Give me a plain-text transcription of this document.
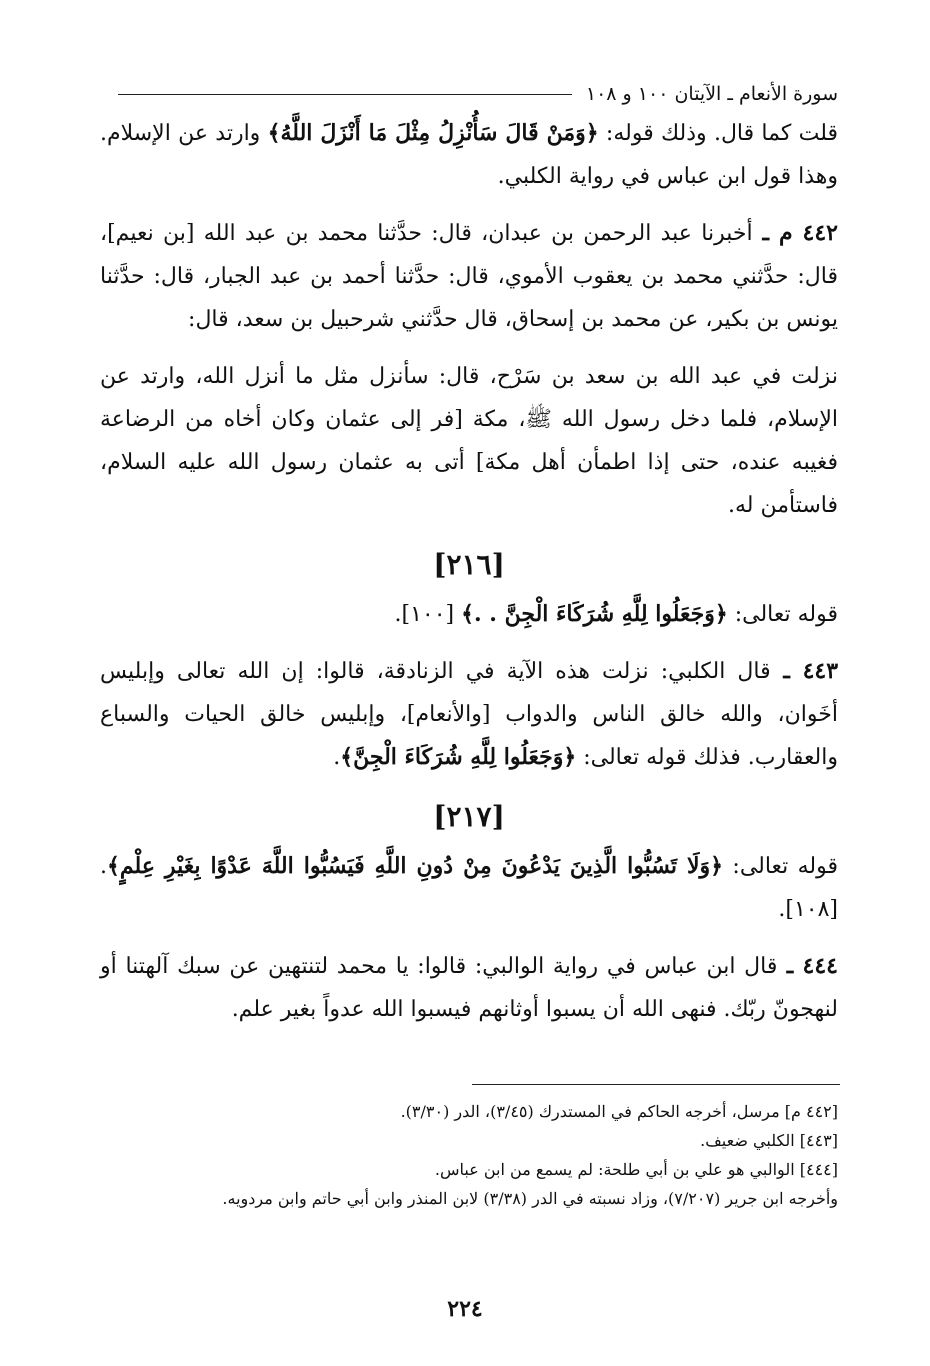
سورة الأنعام ـ الآيتان ١٠٠ و ١٠٨

قلت كما قال. وذلك قوله: ﴿وَمَنْ قَالَ سَأُنْزِلُ مِثْلَ مَا أَنْزَلَ اللَّهُ﴾ وارتد عن الإسلام. وهذا قول ابن عباس في رواية الكلبي.

٤٤٢ م ـ أخبرنا عبد الرحمن بن عبدان، قال: حدَّثنا محمد بن عبد الله [بن نعيم]، قال: حدَّثني محمد بن يعقوب الأموي، قال: حدَّثنا أحمد بن عبد الجبار، قال: حدَّثنا يونس بن بكير، عن محمد بن إسحاق، قال حدَّثني شرحبيل بن سعد، قال:

نزلت في عبد الله بن سعد بن سَرْح، قال: سأنزل مثل ما أنزل الله، وارتد عن الإسلام، فلما دخل رسول الله ﷺ، مكة [فر إلى عثمان وكان أخاه من الرضاعة فغيبه عنده، حتى إذا اطمأن أهل مكة] أتى به عثمان رسول الله عليه السلام، فاستأمن له.

[٢١٦]

قوله تعالى: ﴿وَجَعَلُوا لِلَّهِ شُرَكَاءَ الْجِنَّ . .﴾ [١٠٠].

٤٤٣ ـ قال الكلبي: نزلت هذه الآية في الزنادقة، قالوا: إن الله تعالى وإبليس أخَوان، والله خالق الناس والدواب [والأنعام]، وإبليس خالق الحيات والسباع والعقارب. فذلك قوله تعالى: ﴿وَجَعَلُوا لِلَّهِ شُرَكَاءَ الْجِنَّ﴾.

[٢١٧]

قوله تعالى: ﴿وَلَا تَسُبُّوا الَّذِينَ يَدْعُونَ مِنْ دُونِ اللَّهِ فَيَسُبُّوا اللَّهَ عَدْوًا بِغَيْرِ عِلْمٍ﴾. [١٠٨].

٤٤٤ ـ قال ابن عباس في رواية الوالبي: قالوا: يا محمد لتنتهين عن سبك آلهتنا أو لنهجونّ ربّك. فنهى الله أن يسبوا أوثانهم فيسبوا الله عدواً بغير علم.

[٤٤٢ م] مرسل، أخرجه الحاكم في المستدرك (٣/٤٥)، الدر (٣/٣٠).

[٤٤٣] الكلبي ضعيف.

[٤٤٤] الوالبي هو علي بن أبي طلحة: لم يسمع من ابن عباس.

وأخرجه ابن جرير (٧/٢٠٧)، وزاد نسبته في الدر (٣/٣٨) لابن المنذر وابن أبي حاتم وابن مردويه.

٢٢٤
